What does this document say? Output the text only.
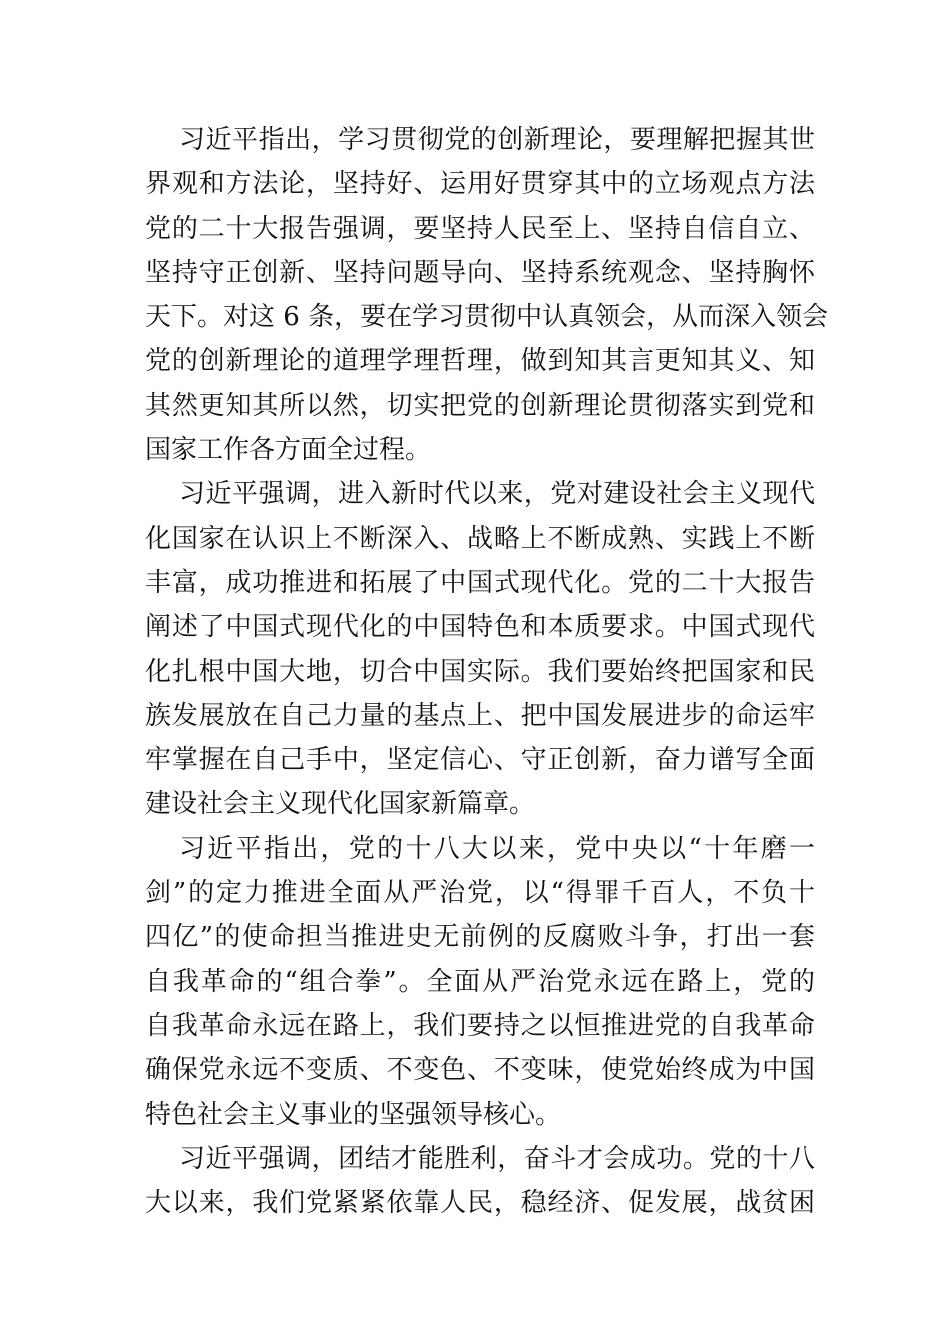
习近平指出，学习贯彻党的创新理论，要理解把握其世
界观和方法论，坚持好、运用好贯穿其中的立场观点方法
党的二十大报告强调，要坚持人民至上、坚持自信自立、
坚持守正创新、坚持问题导向、坚持系统观念、坚持胸怀
天下。对这 6 条，要在学习贯彻中认真领会，从而深入领会
党的创新理论的道理学理哲理，做到知其言更知其义、知
其然更知其所以然，切实把党的创新理论贯彻落实到党和
国家工作各方面全过程。
习近平强调，进入新时代以来，党对建设社会主义现代
化国家在认识上不断深入、战略上不断成熟、实践上不断
丰富，成功推进和拓展了中国式现代化。党的二十大报告
阐述了中国式现代化的中国特色和本质要求。中国式现代
化扎根中国大地，切合中国实际。我们要始终把国家和民
族发展放在自己力量的基点上、把中国发展进步的命运牢
牢掌握在自己手中，坚定信心、守正创新，奋力谱写全面
建设社会主义现代化国家新篇章。
习近平指出，党的十八大以来，党中央以“十年磨一
剑”的定力推进全面从严治党，以“得罪千百人，不负十
四亿”的使命担当推进史无前例的反腐败斗争，打出一套
自我革命的“组合拳”。全面从严治党永远在路上，党的
自我革命永远在路上，我们要持之以恒推进党的自我革命
确保党永远不变质、不变色、不变味，使党始终成为中国
特色社会主义事业的坚强领导核心。
习近平强调，团结才能胜利，奋斗才会成功。党的十八
大以来，我们党紧紧依靠人民，稳经济、促发展，战贫困
